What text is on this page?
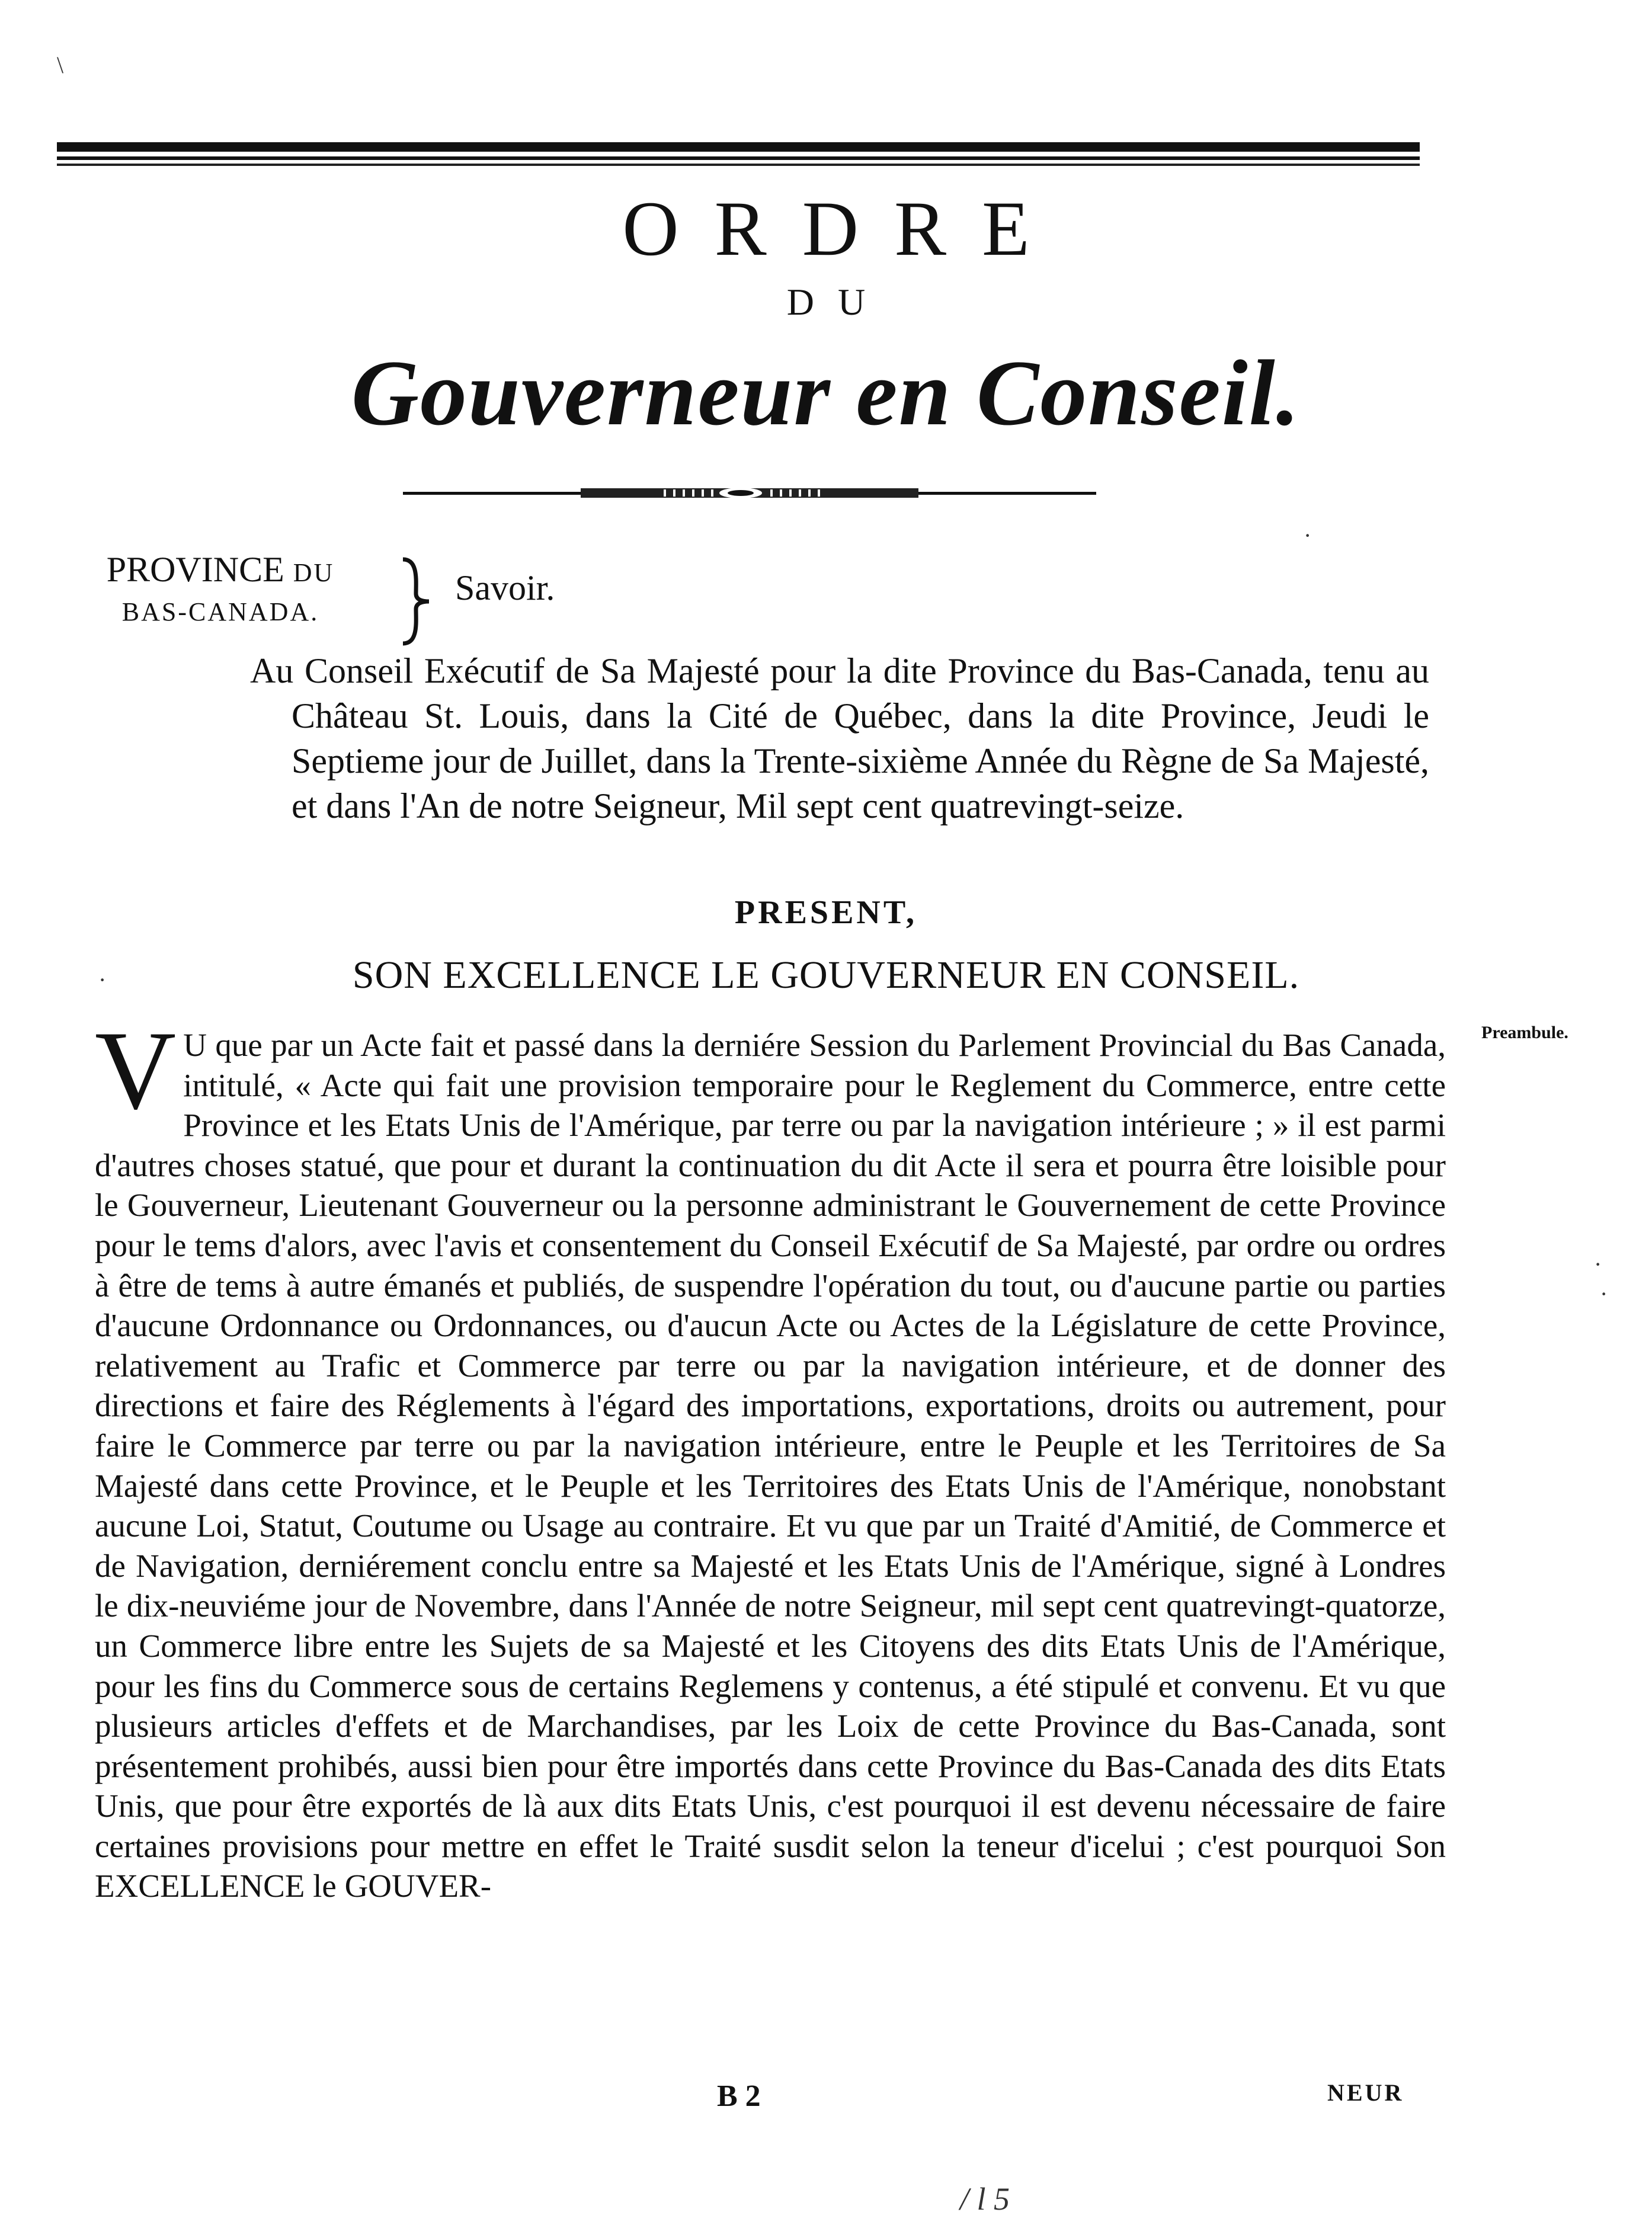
ORDRE
DU
Gouverneur en Conseil.
PROVINCE DU
BAS-CANADA.
Savoir.
Au Conseil Exécutif de Sa Majesté pour la dite Province du Bas-Canada, tenu au Château St. Louis, dans la Cité de Québec, dans la dite Province, Jeudi le Septieme jour de Juillet, dans la Trente-sixième Année du Règne de Sa Majesté, et dans l'An de notre Seigneur, Mil sept cent quatrevingt-seize.
PRESENT,
SON EXCELLENCE LE GOUVERNEUR EN CONSEIL.
Preambule.
V U que par un Acte fait et passé dans la derniére Session du Parlement Provincial du Bas Canada, intitulé, « Acte qui fait une provision temporaire pour le Reglement du Commerce, entre cette Province et les Etats Unis de l'Amérique, par terre ou par la navigation intérieure ; » il est parmi d'autres choses statué, que pour et durant la continuation du dit Acte il sera et pourra être loisible pour le Gouverneur, Lieutenant Gouverneur ou la personne administrant le Gouvernement de cette Province pour le tems d'alors, avec l'avis et consentement du Conseil Exécutif de Sa Majesté, par ordre ou ordres à être de tems à autre émanés et publiés, de suspendre l'opération du tout, ou d'aucune partie ou parties d'aucune Ordonnance ou Ordonnances, ou d'aucun Acte ou Actes de la Législature de cette Province, relativement au Trafic et Commerce par terre ou par la navigation intérieure, et de donner des directions et faire des Réglements à l'égard des importations, exportations, droits ou autrement, pour faire le Commerce par terre ou par la navigation intérieure, entre le Peuple et les Territoires de Sa Majesté dans cette Province, et le Peuple et les Territoires des Etats Unis de l'Amérique, nonobstant aucune Loi, Statut, Coutume ou Usage au contraire. Et vu que par un Traité d'Amitié, de Commerce et de Navigation, derniérement conclu entre sa Majesté et les Etats Unis de l'Amérique, signé à Londres le dix-neuviéme jour de Novembre, dans l'Année de notre Seigneur, mil sept cent quatrevingt-quatorze, un Commerce libre entre les Sujets de sa Majesté et les Citoyens des dits Etats Unis de l'Amérique, pour les fins du Commerce sous de certains Reglemens y contenus, a été stipulé et convenu. Et vu que plusieurs articles d'effets et de Marchandises, par les Loix de cette Province du Bas-Canada, sont présentement prohibés, aussi bien pour être importés dans cette Province du Bas-Canada des dits Etats Unis, que pour être exportés de là aux dits Etats Unis, c'est pourquoi il est devenu nécessaire de faire certaines provisions pour mettre en effet le Traité susdit selon la teneur d'icelui ; c'est pourquoi Son EXCELLENCE le GOUVER-
B 2	NEUR
/ l 5
\
·
·
·
·
